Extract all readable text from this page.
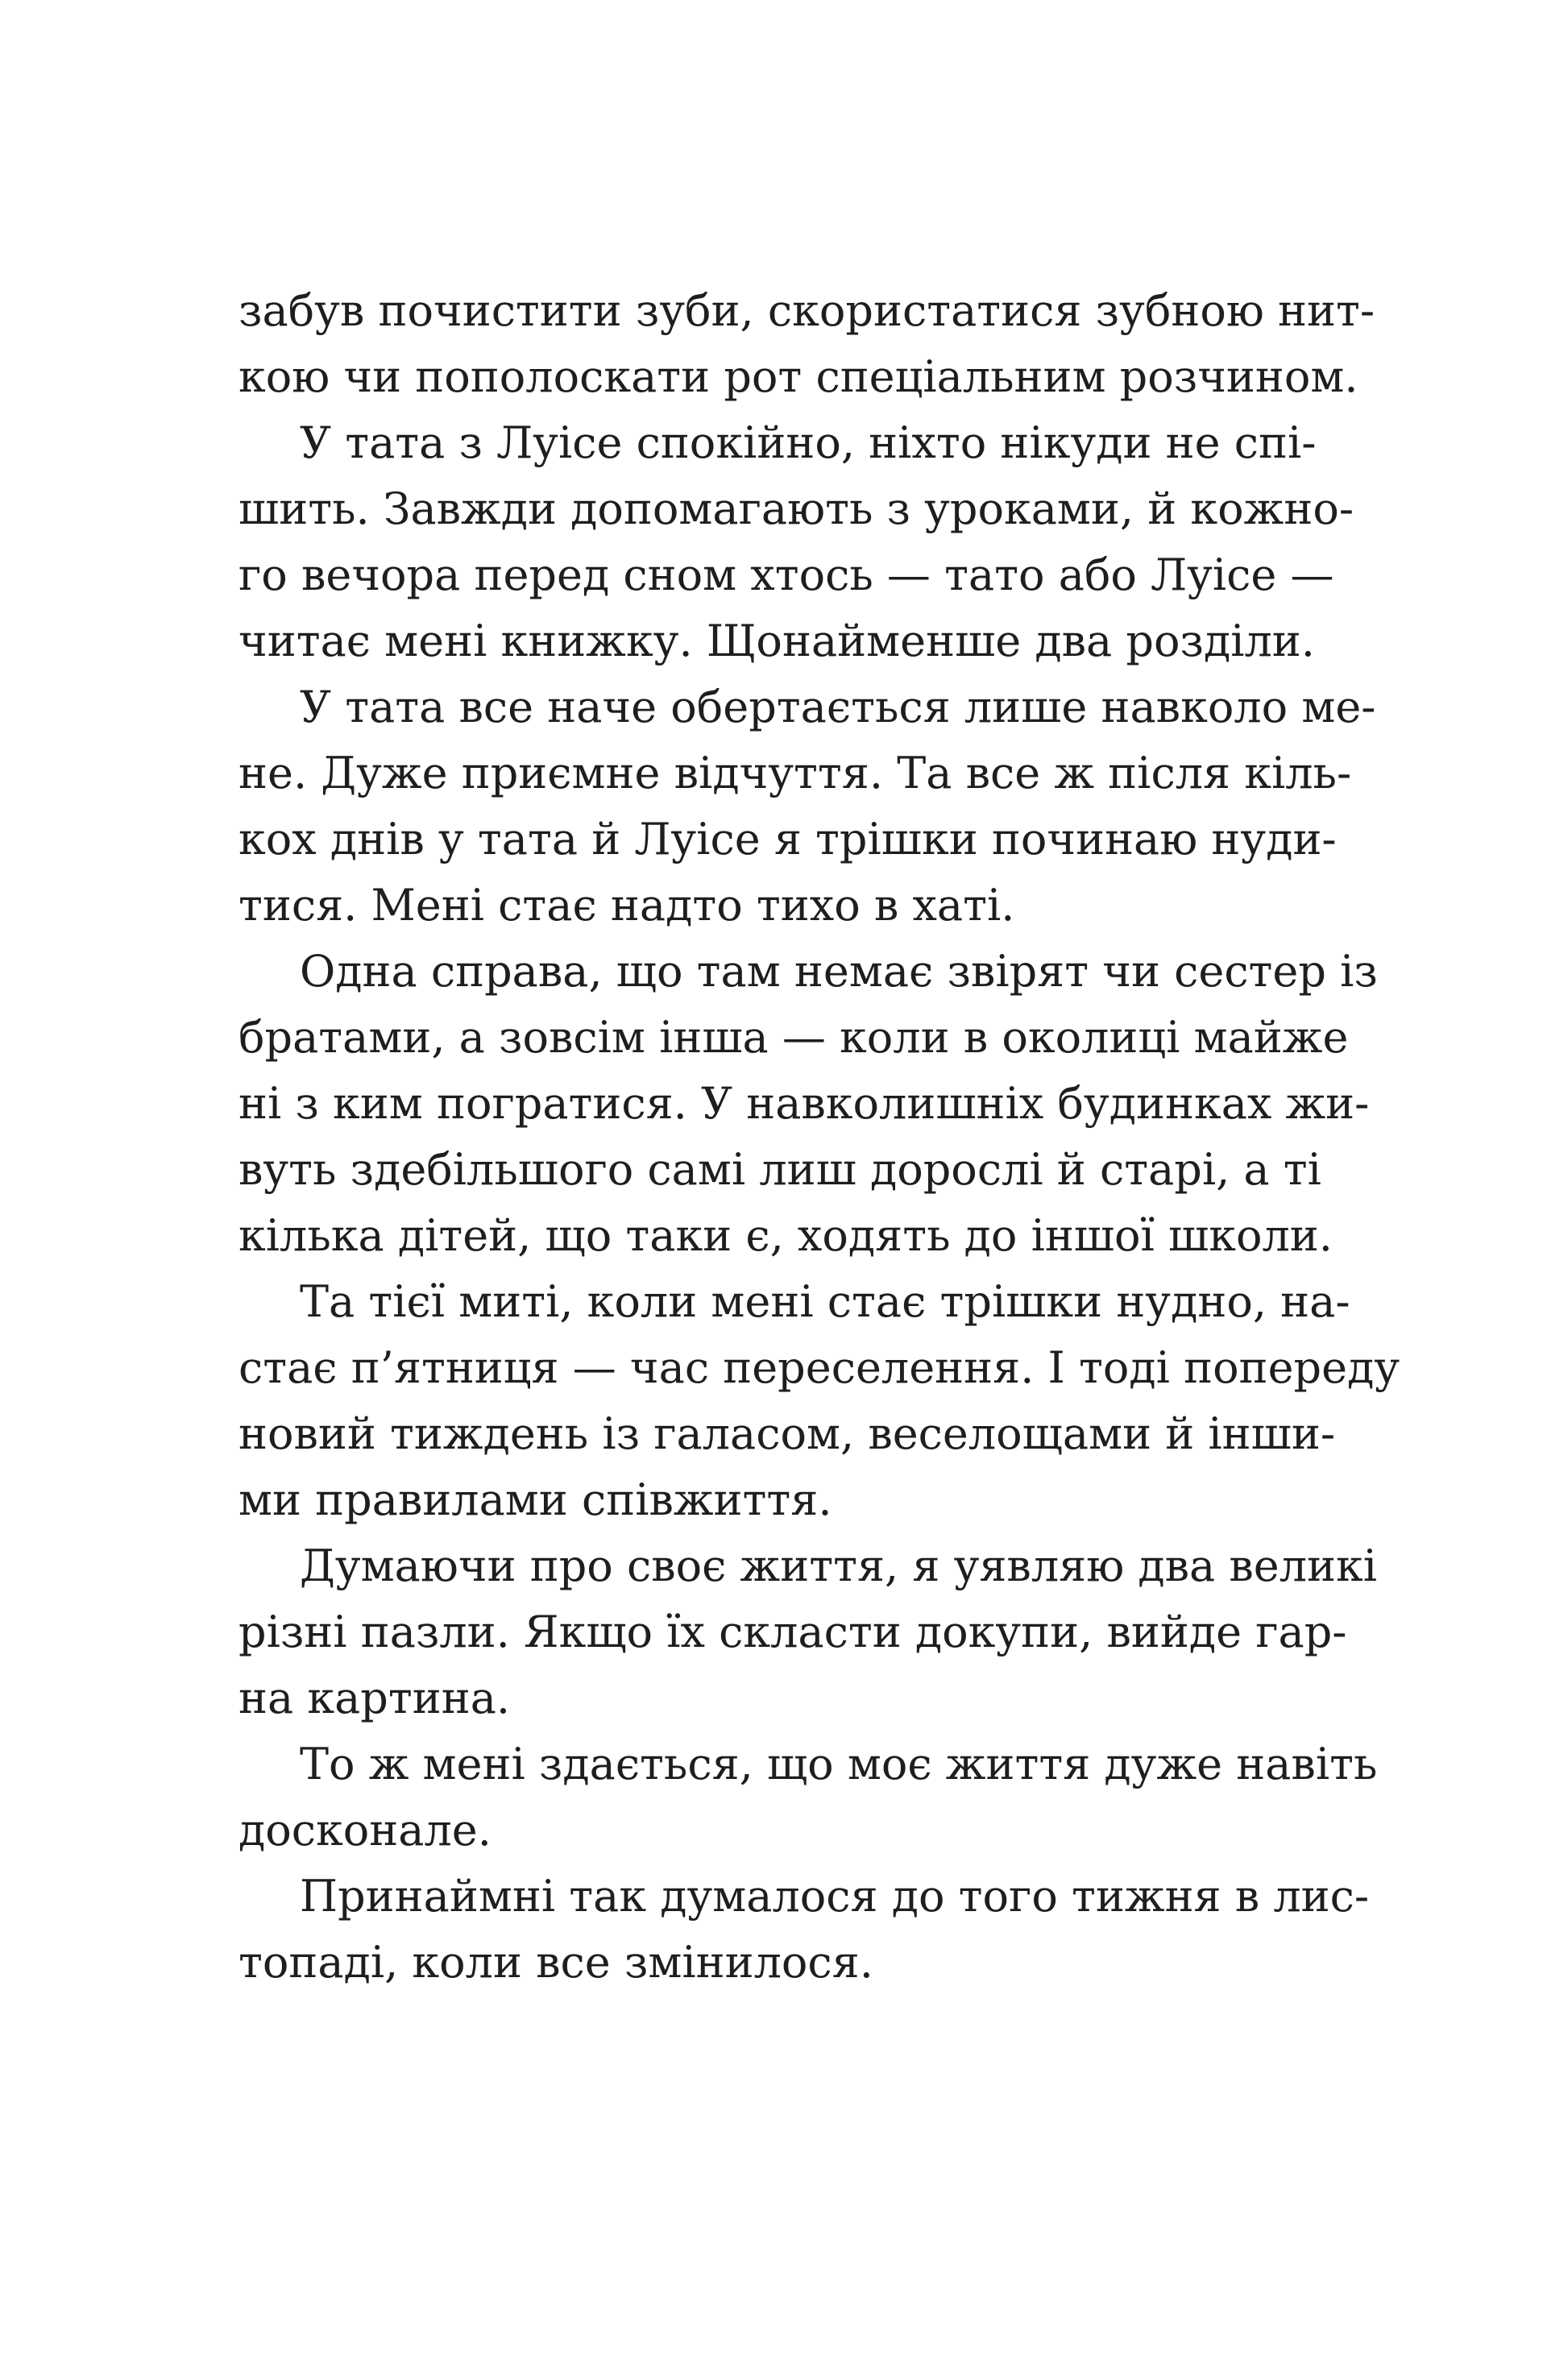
забув почистити зуби, скористатися зубною нит-
кою чи пополоскати рот спеціальним розчином.
У тата з Луісе спокійно, ніхто нікуди не спі-
шить. Завжди допомагають з уроками, й кожно-
го вечора перед сном хтось — тато або Луісе —
читає мені книжку. Щонайменше два розділи.
У тата все наче обертається лише навколо ме-
не. Дуже приємне відчуття. Та все ж після кіль-
кох днів у тата й Луісе я трішки починаю нуди-
тися. Мені стає надто тихо в хаті.
Одна справа, що там немає звірят чи сестер із
братами, а зовсім інша — коли в околиці майже
ні з ким погратися. У навколишніх будинках жи-
вуть здебільшого самі лиш дорослі й старі, а ті
кілька дітей, що таки є, ходять до іншої школи.
Та тієї миті, коли мені стає трішки нудно, на-
стає п’ятниця — час переселення. І тоді попереду
новий тиждень із галасом, веселощами й інши-
ми правилами співжиття.
Думаючи про своє життя, я уявляю два великі
різні пазли. Якщо їх скласти докупи, вийде гар-
на картина.
То ж мені здається, що моє життя дуже навіть
досконале.
Принаймні так думалося до того тижня в лис-
топаді, коли все змінилося.
